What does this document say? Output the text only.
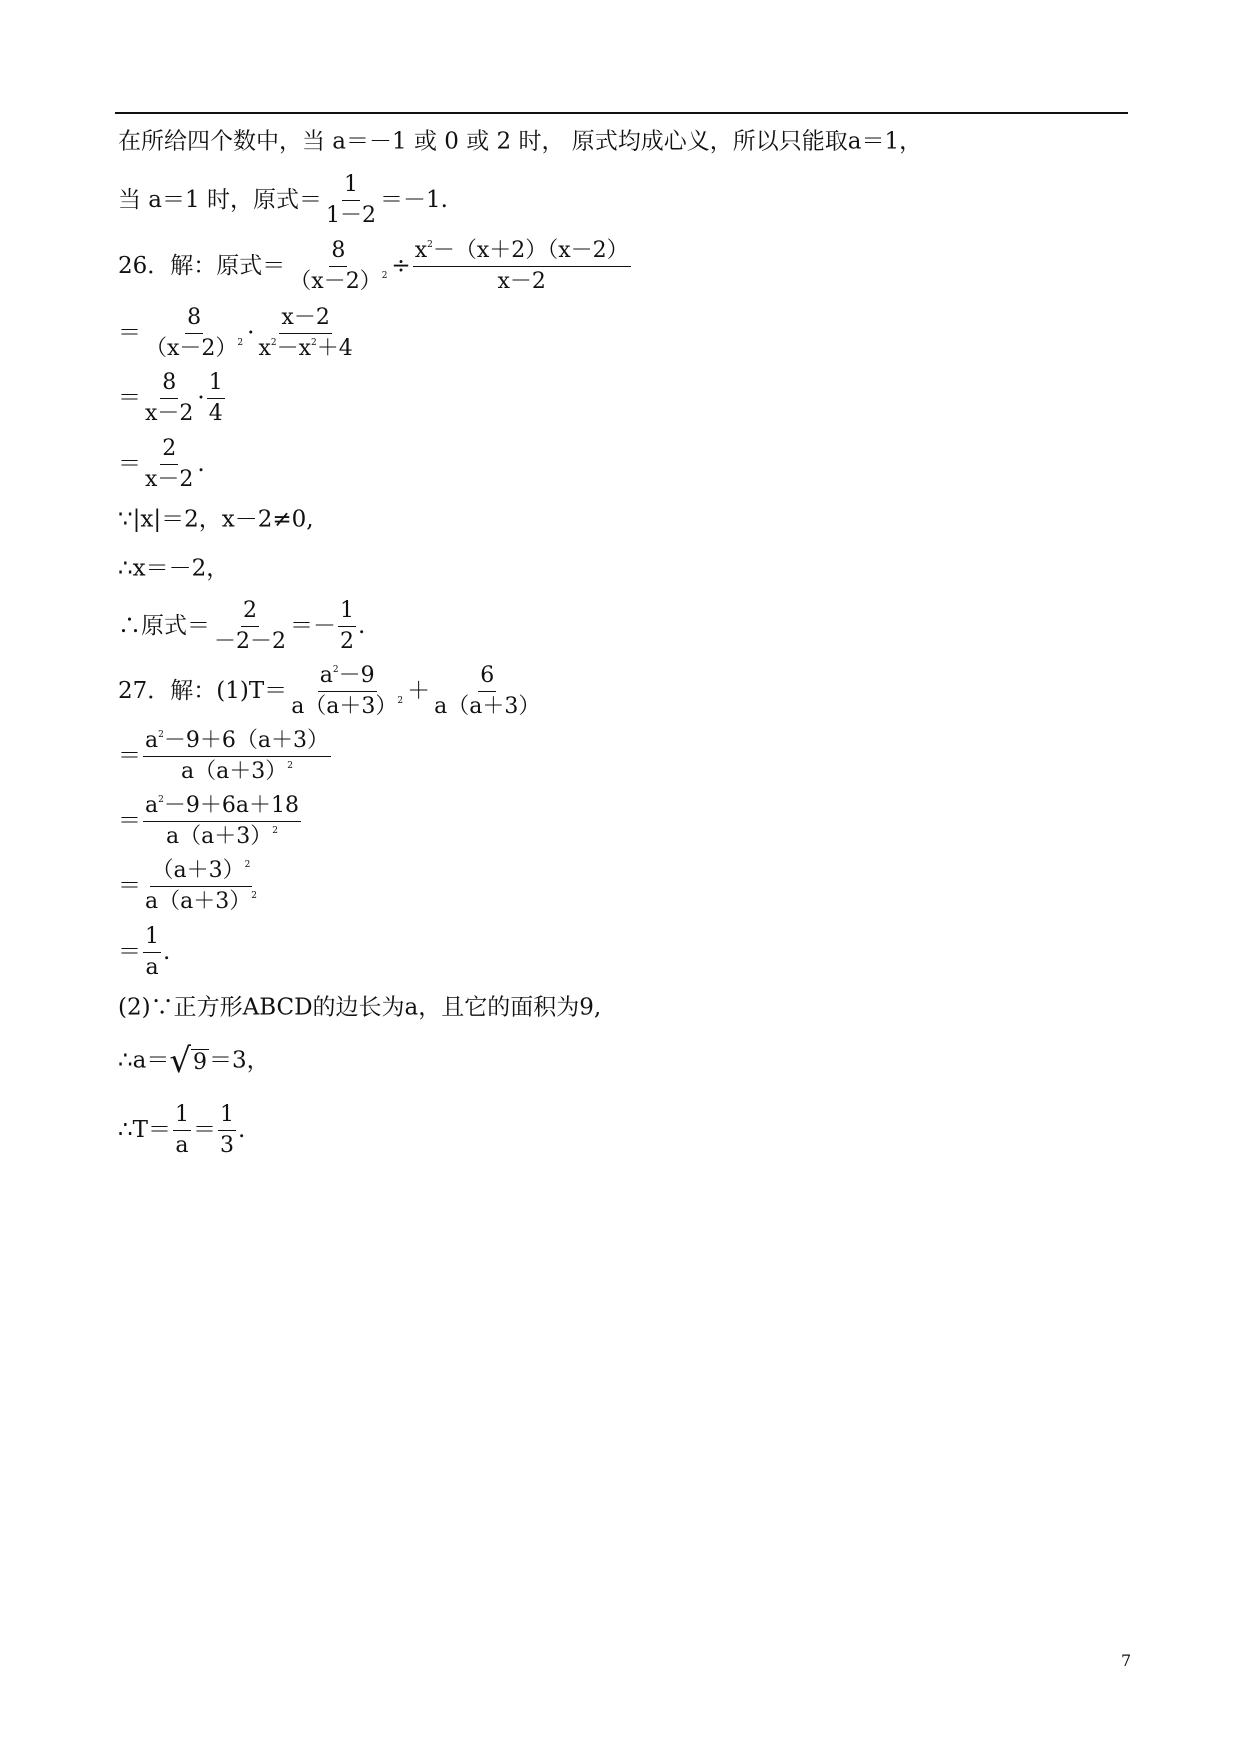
在所给四个数中，当 a＝－1 或 0 或 2 时， 原式均成心义，所以只能取a＝1，
当 a＝1 时，原式＝ $\frac{1}{1-2} =-1$.
26．解：原式＝ $\frac{8}{(x-2)^2} \div \frac{x^2-(x+2)(x-2)}{x-2}$
＝ $\frac{8}{(x-2)^2} \cdot \frac{x-2}{x^2-x^2+4}$
＝ $\frac{8}{x-2} \cdot \frac{1}{4}$
＝ $\frac{2}{x-2}$ .
∵|x|＝2，x－2≠0,
∴x＝－2，
∴原式＝ $\frac{2}{-2-2} =- \frac{1}{2}$ .
27．解：$(1)T= \frac{a^2-9}{a(a+3)^2} + \frac{6}{a(a+3)}$
＝ $\frac{a^2-9+6(a+3)}{a(a+3)^2}$
＝ $\frac{a^2-9+6a+18}{a(a+3)^2}$
＝ $\frac{(a+3)^2}{a(a+3)^2}$
＝ $\frac{1}{a}$ .
(2)∵正方形ABCD的边长为a，且它的面积为9,
∴a＝√9＝3，
∴T＝ $\frac{1}{a} = \frac{1}{3}$ .
7
